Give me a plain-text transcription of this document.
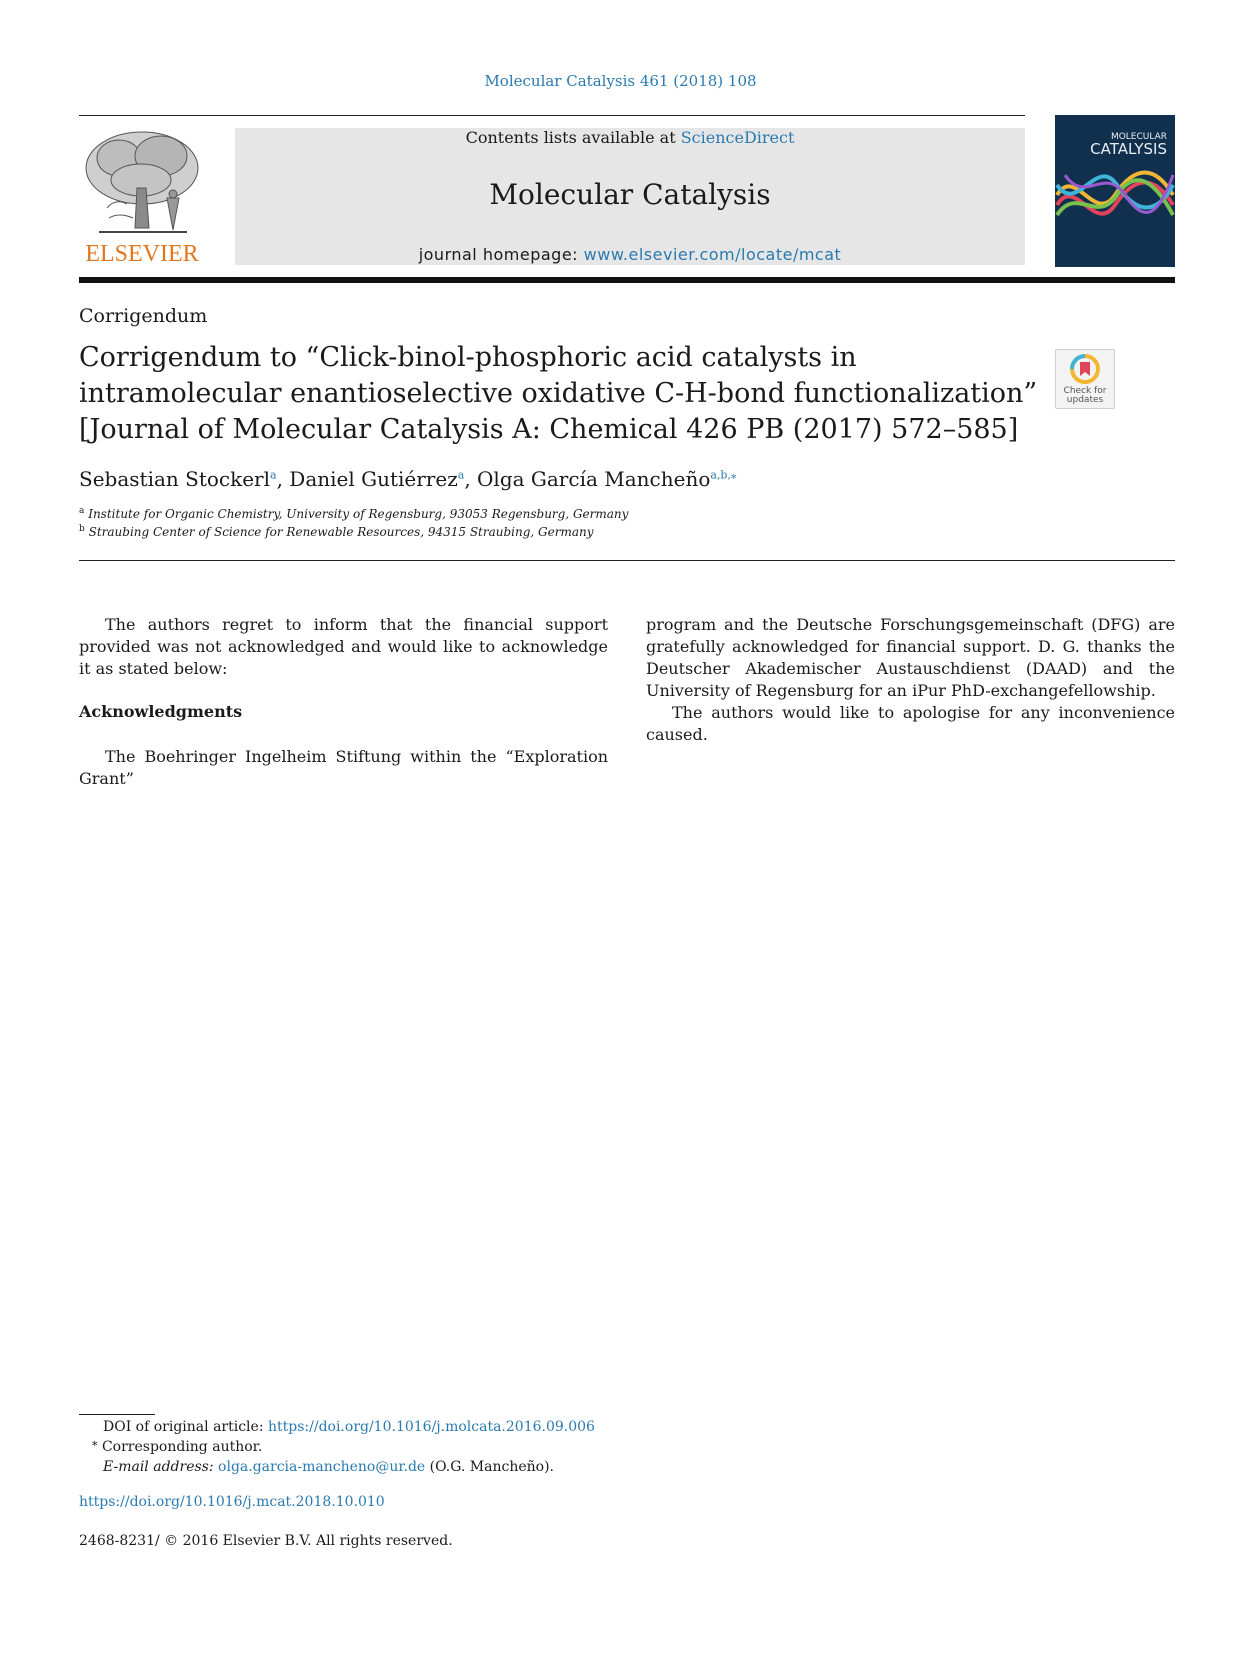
Molecular Catalysis 461 (2018) 108
ELSEVIER
Contents lists available at ScienceDirect
Molecular Catalysis
journal homepage: www.elsevier.com/locate/mcat
MOLECULAR
CATALYSIS
Corrigendum
Corrigendum to “Click-binol-phosphoric acid catalysts in intramolecular enantioselective oxidative C-H-bond functionalization” [Journal of Molecular Catalysis A: Chemical 426 PB (2017) 572–585]
Check for
updates
Sebastian Stockerl$^a$, Daniel Gutiérrez$^a$, Olga García Mancheño$^{a,b,⁎}$
$^a$ Institute for Organic Chemistry, University of Regensburg, 93053 Regensburg, Germany
$^b$ Straubing Center of Science for Renewable Resources, 94315 Straubing, Germany
The authors regret to inform that the financial support provided was not acknowledged and would like to acknowledge it as stated below:
Acknowledgments
The Boehringer Ingelheim Stiftung within the “Exploration Grant”
program and the Deutsche Forschungsgemeinschaft (DFG) are gratefully acknowledged for financial support. D. G. thanks the Deutscher Akademischer Austauschdienst (DAAD) and the University of Regensburg for an iPur PhD-exchangefellowship.
The authors would like to apologise for any inconvenience caused.
DOI of original article: https://doi.org/10.1016/j.molcata.2016.09.006
⁎ Corresponding author.
E-mail address: olga.garcia-mancheno@ur.de (O.G. Mancheño).
https://doi.org/10.1016/j.mcat.2018.10.010
2468-8231/ © 2016 Elsevier B.V. All rights reserved.
